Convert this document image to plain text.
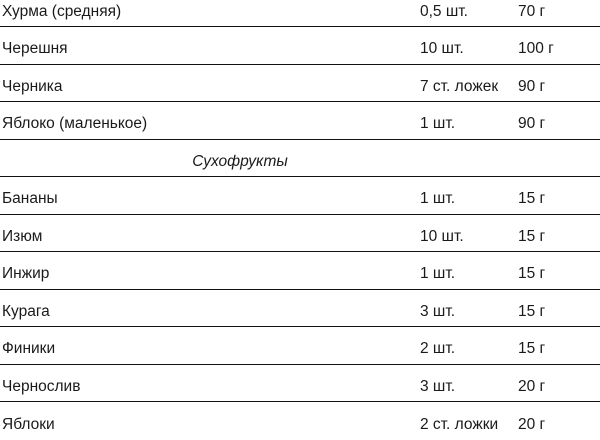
Хурма (средняя)	0,5 шт.	70 г
Черешня	10 шт.	100 г
Черника	7 ст. ложек	90 г
Яблоко (маленькое)	1 шт.	90 г
Сухофрукты
Бананы	1 шт.	15 г
Изюм	10 шт.	15 г
Инжир	1 шт.	15 г
Курага	3 шт.	15 г
Финики	2 шт.	15 г
Чернослив	3 шт.	20 г
Яблоки	2 ст. ложки	20 г
